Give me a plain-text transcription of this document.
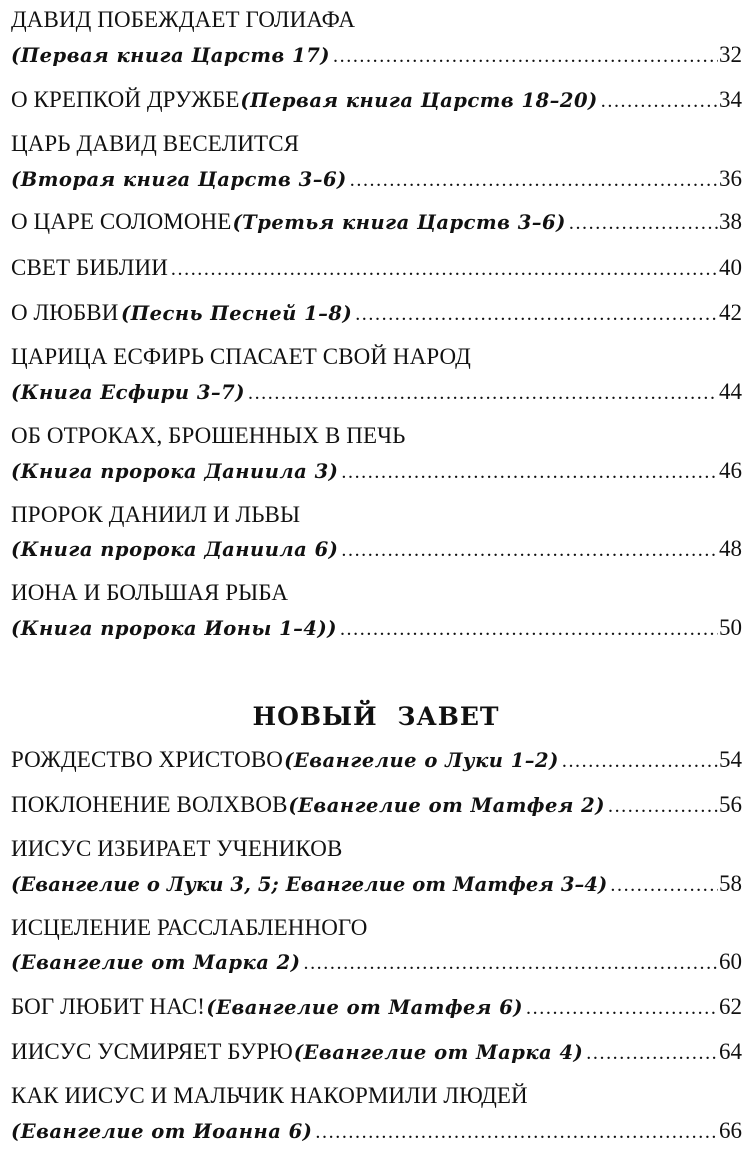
ДАВИД ПОБЕЖДАЕТ ГОЛИАФА
(Первая книга Царств 17) .....	32
О КРЕПКОЙ ДРУЖБЕ (Первая книга Царств 18–20) .....	34
ЦАРЬ ДАВИД ВЕСЕЛИТСЯ
(Вторая книга Царств 3–6) .....	36
О ЦАРЕ СОЛОМОНЕ (Третья книга Царств 3–6) .....	38
СВЕТ БИБЛИИ .....	40
О ЛЮБВИ (Песнь Песней 1–8) .....	42
ЦАРИЦА ЕСФИРЬ СПАСАЕТ СВОЙ НАРОД
(Книга Есфири 3–7) .....	44
ОБ ОТРОКАХ, БРОШЕННЫХ В ПЕЧЬ
(Книга пророка Даниила 3) .....	46
ПРОРОК ДАНИИЛ И ЛЬВЫ
(Книга пророка Даниила 6) .....	48
ИОНА И БОЛЬШАЯ РЫБА
(Книга пророка Ионы 1–4)) .....	50
НОВЫЙ ЗАВЕТ
РОЖДЕСТВО ХРИСТОВО (Евангелие о Луки 1–2) .....	54
ПОКЛОНЕНИЕ ВОЛХВОВ (Евангелие от Матфея 2) .....	56
ИИСУС ИЗБИРАЕТ УЧЕНИКОВ
(Евангелие о Луки 3, 5; Евангелие от Матфея 3–4) .....	58
ИСЦЕЛЕНИЕ РАССЛАБЛЕННОГО
(Евангелие от Марка 2) .....	60
БОГ ЛЮБИТ НАС! (Евангелие от Матфея 6) .....	62
ИИСУС УСМИРЯЕТ БУРЮ (Евангелие от Марка 4) .....	64
КАК ИИСУС И МАЛЬЧИК НАКОРМИЛИ ЛЮДЕЙ
(Евангелие от Иоанна 6) .....	66
